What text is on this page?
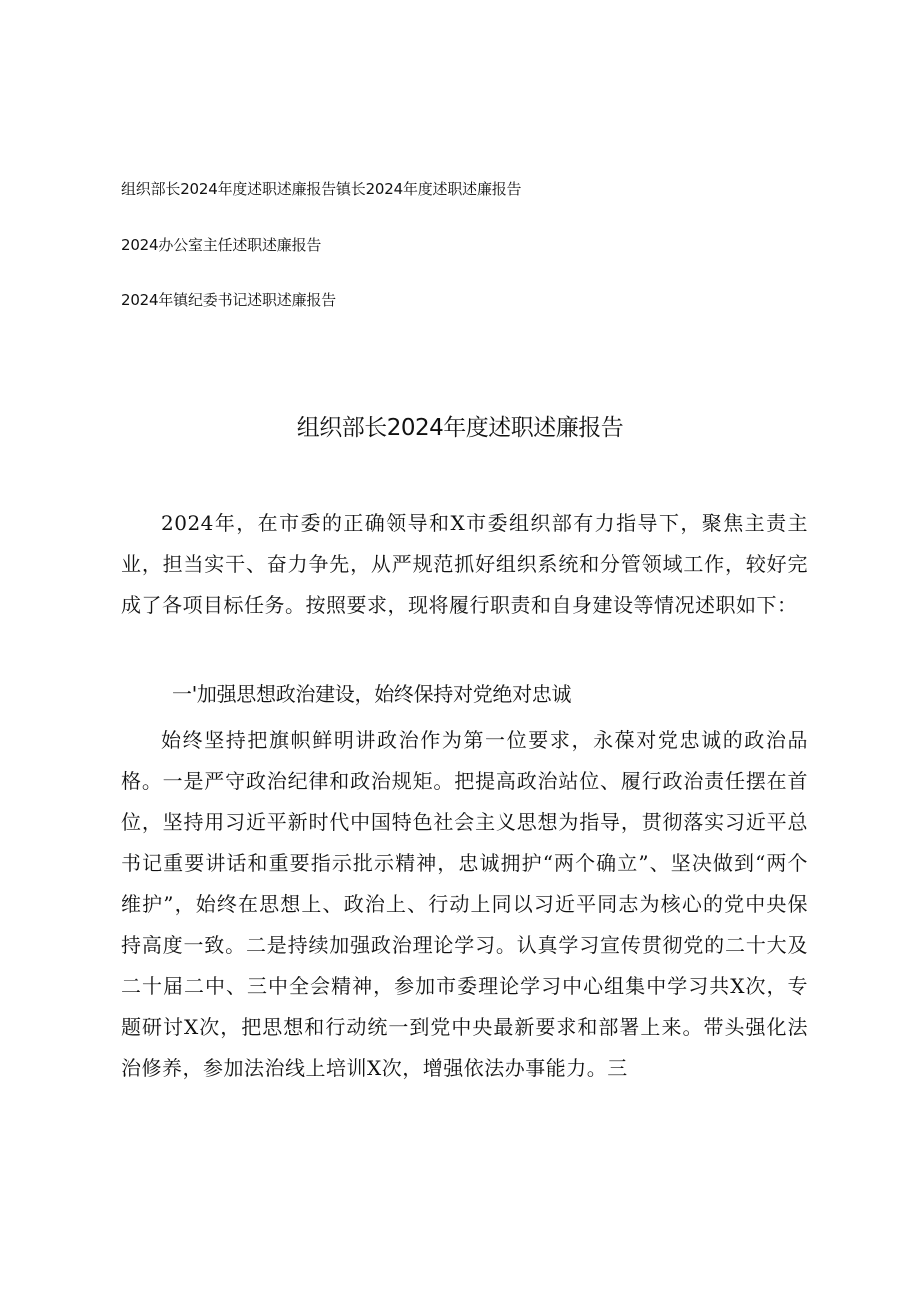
组织部长2024年度述职述廉报告镇长2024年度述职述廉报告
2024办公室主任述职述廉报告
2024年镇纪委书记述职述廉报告
组织部长2024年度述职述廉报告

2024年，在市委的正确领导和X市委组织部有力指导下，聚焦主责主业，担当实干、奋力争先，从严规范抓好组织系统和分管领域工作，较好完成了各项目标任务。按照要求，现将履行职责和自身建设等情况述职如下：

一'加强思想政治建设，始终保持对党绝对忠诚

始终坚持把旗帜鲜明讲政治作为第一位要求，永葆对党忠诚的政治品格。一是严守政治纪律和政治规矩。把提高政治站位、履行政治责任摆在首位，坚持用习近平新时代中国特色社会主义思想为指导，贯彻落实习近平总书记重要讲话和重要指示批示精神，忠诚拥护“两个确立”、坚决做到“两个维护”，始终在思想上、政治上、行动上同以习近平同志为核心的党中央保持高度一致。二是持续加强政治理论学习。认真学习宣传贯彻党的二十大及二十届二中、三中全会精神，参加市委理论学习中心组集中学习共X次，专题研讨X次，把思想和行动统一到党中央最新要求和部署上来。带头强化法治修养，参加法治线上培训X次，增强依法办事能力。三
